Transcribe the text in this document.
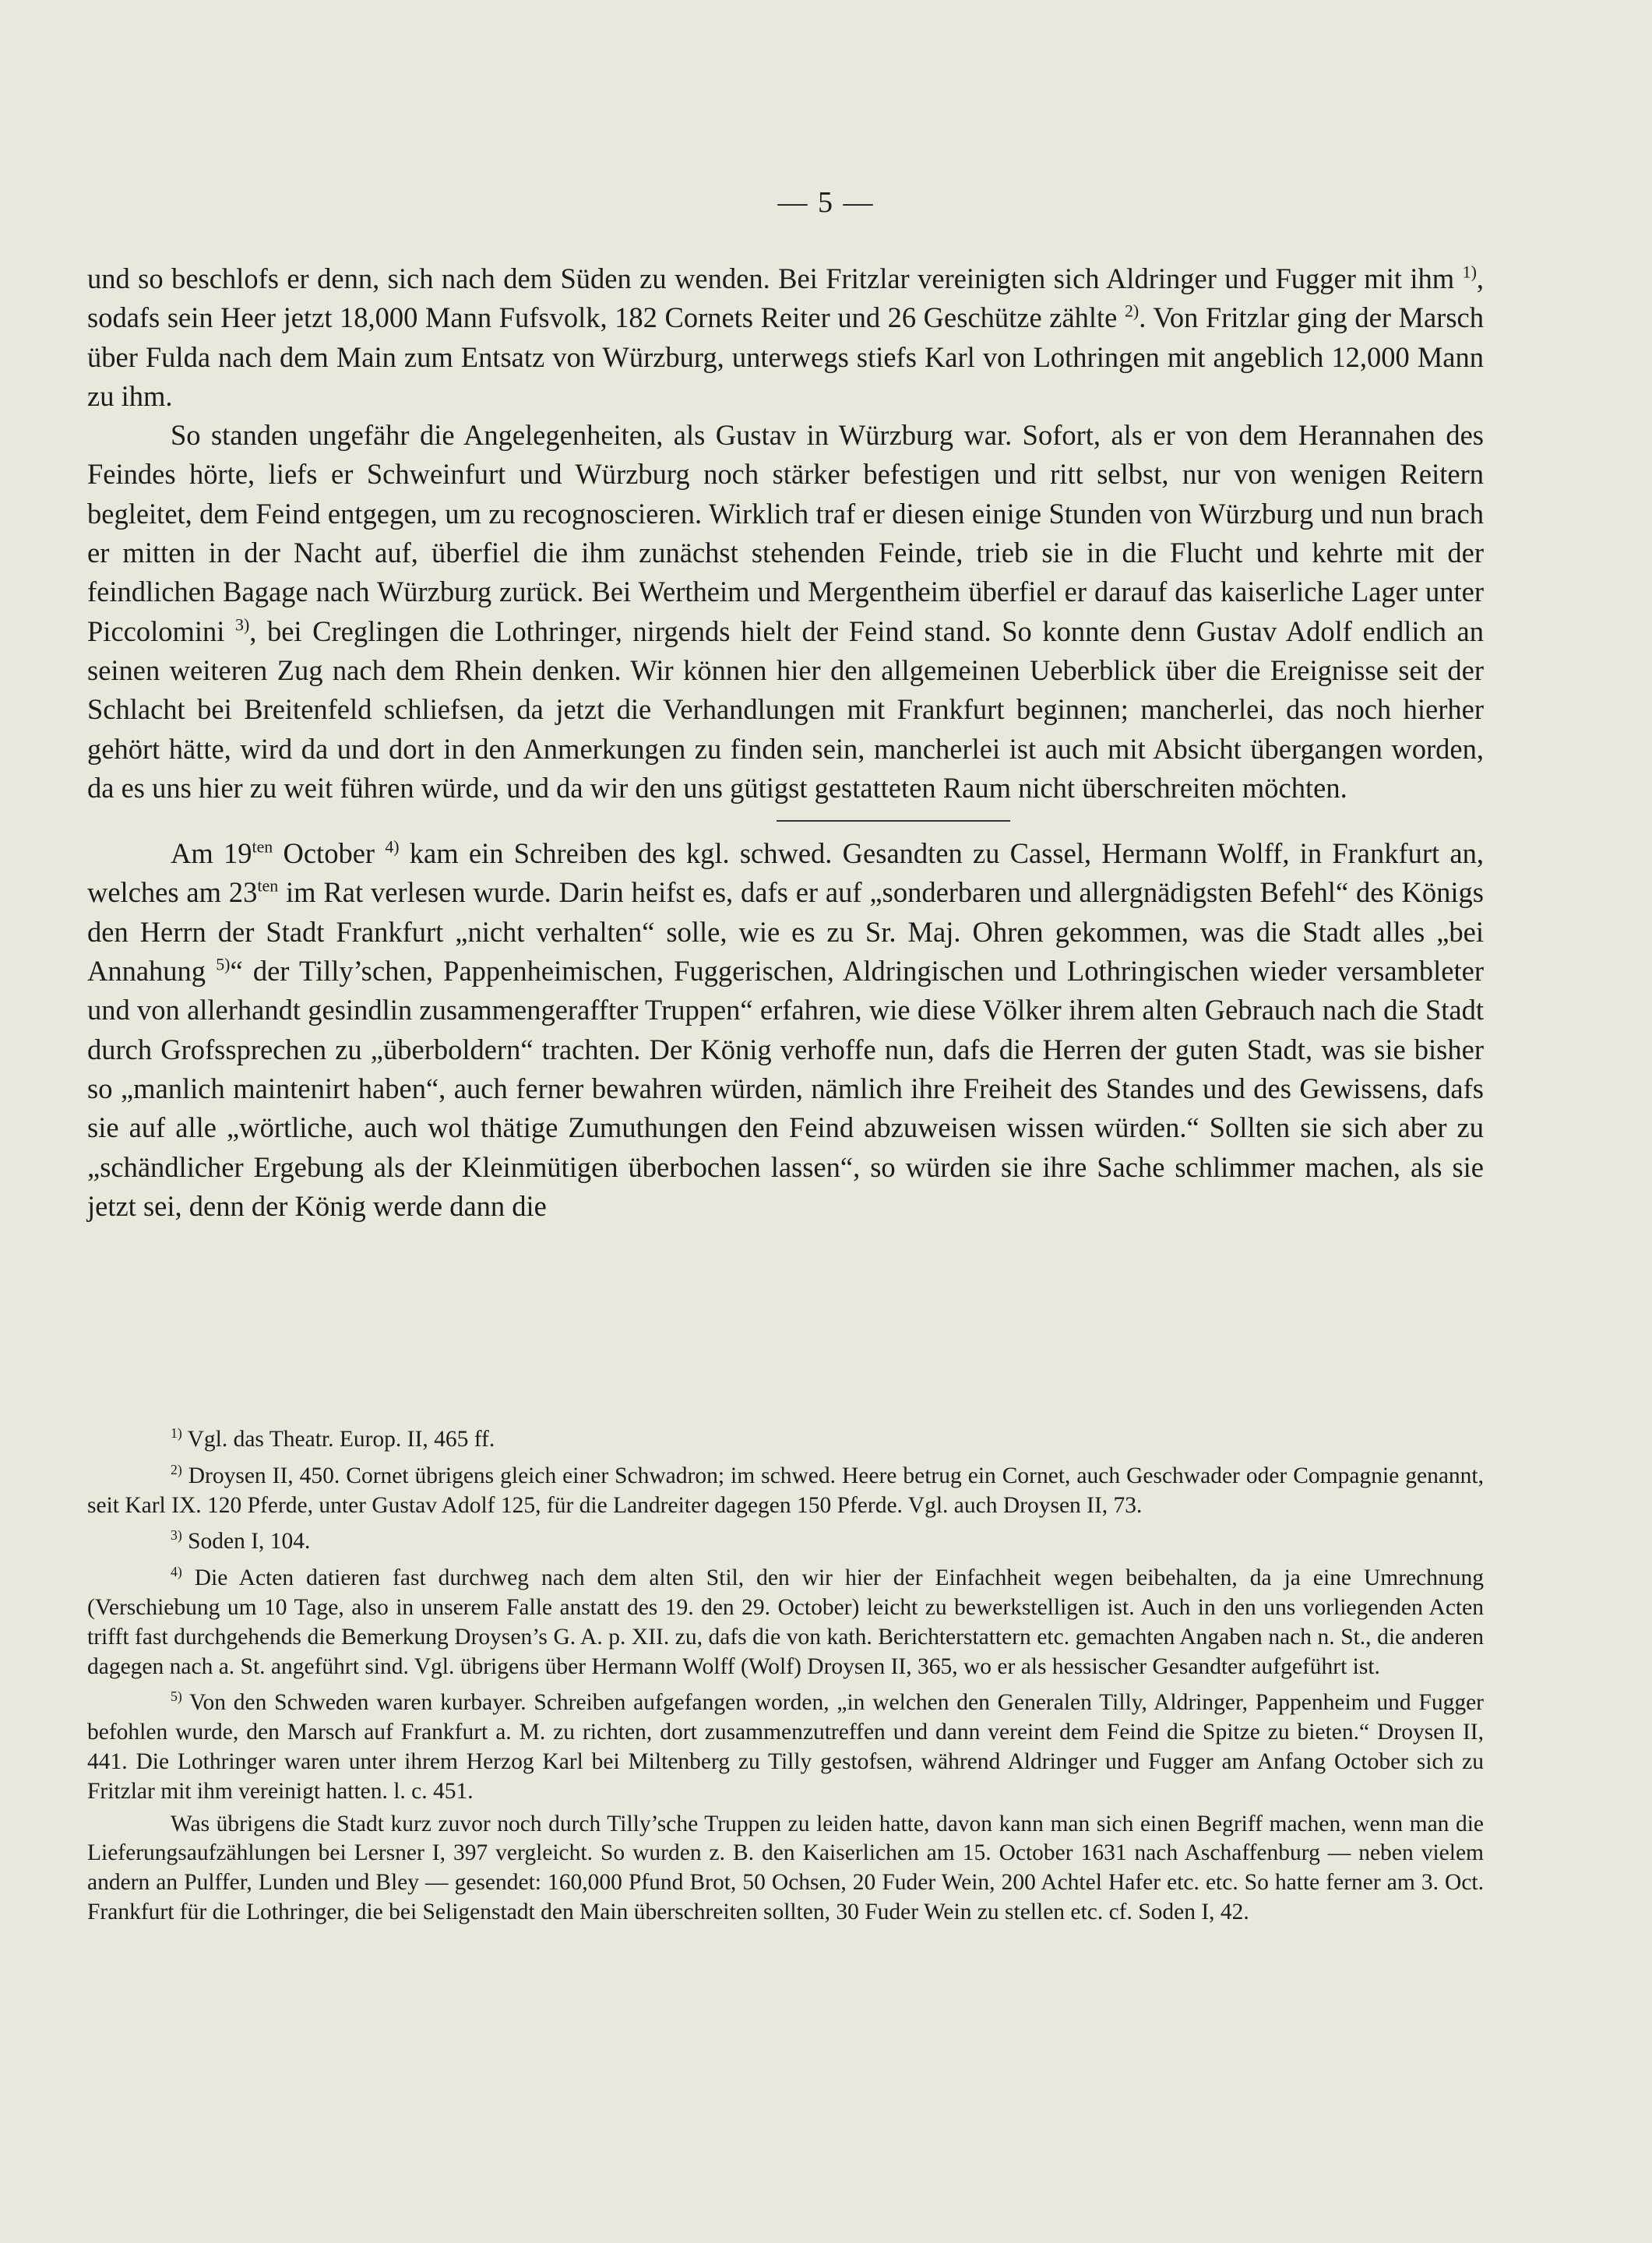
— 5 —

und so beschlofs er denn, sich nach dem Süden zu wenden. Bei Fritzlar vereinigten sich Aldringer und Fugger mit ihm $^{1)}$, sodafs sein Heer jetzt 18,000 Mann Fufsvolk, 182 Cornets Reiter und 26 Geschütze zählte $^{2)}$. Von Fritzlar ging der Marsch über Fulda nach dem Main zum Entsatz von Würzburg, unterwegs stiefs Karl von Lothringen mit angeblich 12,000 Mann zu ihm.

So standen ungefähr die Angelegenheiten, als Gustav in Würzburg war. Sofort, als er von dem Herannahen des Feindes hörte, liefs er Schweinfurt und Würzburg noch stärker befestigen und ritt selbst, nur von wenigen Reitern begleitet, dem Feind entgegen, um zu recognoscieren. Wirklich traf er diesen einige Stunden von Würzburg und nun brach er mitten in der Nacht auf, überfiel die ihm zunächst stehenden Feinde, trieb sie in die Flucht und kehrte mit der feindlichen Bagage nach Würzburg zurück. Bei Wertheim und Mergentheim überfiel er darauf das kaiserliche Lager unter Piccolomini $^{3)}$, bei Creglingen die Lothringer, nirgends hielt der Feind stand. So konnte denn Gustav Adolf endlich an seinen weiteren Zug nach dem Rhein denken. Wir können hier den allgemeinen Ueberblick über die Ereignisse seit der Schlacht bei Breitenfeld schliefsen, da jetzt die Verhandlungen mit Frankfurt beginnen; mancherlei, das noch hierher gehört hätte, wird da und dort in den Anmerkungen zu finden sein, mancherlei ist auch mit Absicht übergangen worden, da es uns hier zu weit führen würde, und da wir den uns gütigst gestatteten Raum nicht überschreiten möchten.

Am $19^{ten}$ October $^{4)}$ kam ein Schreiben des kgl. schwed. Gesandten zu Cassel, Hermann Wolff, in Frankfurt an, welches am $23^{ten}$ im Rat verlesen wurde. Darin heifst es, dafs er auf „sonderbaren und allergnädigsten Befehl“ des Königs den Herrn der Stadt Frankfurt „nicht verhalten“ solle, wie es zu Sr. Maj. Ohren gekommen, was die Stadt alles „bei Annahung $^{5)}$“ der Tilly’schen, Pappenheimischen, Fuggerischen, Aldringischen und Lothringischen wieder versambleter und von allerhandt gesindlin zusammengeraffter Truppen“ erfahren, wie diese Völker ihrem alten Gebrauch nach die Stadt durch Grofssprechen zu „überboldern“ trachten. Der König verhoffe nun, dafs die Herren der guten Stadt, was sie bisher so „manlich maintenirt haben“, auch ferner bewahren würden, nämlich ihre Freiheit des Standes und des Gewissens, dafs sie auf alle „wörtliche, auch wol thätige Zumuthungen den Feind abzuweisen wissen würden.“ Sollten sie sich aber zu „schändlicher Ergebung als der Kleinmütigen überbochen lassen“, so würden sie ihre Sache schlimmer machen, als sie jetzt sei, denn der König werde dann die

$^{1)}$ Vgl. das Theatr. Europ. II, 465 ff.

$^{2)}$ Droysen II, 450. Cornet übrigens gleich einer Schwadron; im schwed. Heere betrug ein Cornet, auch Geschwader oder Compagnie genannt, seit Karl IX. 120 Pferde, unter Gustav Adolf 125, für die Landreiter dagegen 150 Pferde. Vgl. auch Droysen II, 73.

$^{3)}$ Soden I, 104.

$^{4)}$ Die Acten datieren fast durchweg nach dem alten Stil, den wir hier der Einfachheit wegen beibehalten, da ja eine Umrechnung (Verschiebung um 10 Tage, also in unserem Falle anstatt des 19. den 29. October) leicht zu bewerkstelligen ist. Auch in den uns vorliegenden Acten trifft fast durchgehends die Bemerkung Droysen’s G. A. p. XII. zu, dafs die von kath. Berichterstattern etc. gemachten Angaben nach n. St., die anderen dagegen nach a. St. angeführt sind. Vgl. übrigens über Hermann Wolff (Wolf) Droysen II, 365, wo er als hessischer Gesandter aufgeführt ist.

$^{5)}$ Von den Schweden waren kurbayer. Schreiben aufgefangen worden, „in welchen den Generalen Tilly, Aldringer, Pappenheim und Fugger befohlen wurde, den Marsch auf Frankfurt a. M. zu richten, dort zusammenzutreffen und dann vereint dem Feind die Spitze zu bieten.“ Droysen II, 441. Die Lothringer waren unter ihrem Herzog Karl bei Miltenberg zu Tilly gestofsen, während Aldringer und Fugger am Anfang October sich zu Fritzlar mit ihm vereinigt hatten. l. c. 451.

Was übrigens die Stadt kurz zuvor noch durch Tilly’sche Truppen zu leiden hatte, davon kann man sich einen Begriff machen, wenn man die Lieferungsaufzählungen bei Lersner I, 397 vergleicht. So wurden z. B. den Kaiserlichen am 15. October 1631 nach Aschaffenburg — neben vielem andern an Pulffer, Lunden und Bley — gesendet: 160,000 Pfund Brot, 50 Ochsen, 20 Fuder Wein, 200 Achtel Hafer etc. etc. So hatte ferner am 3. Oct. Frankfurt für die Lothringer, die bei Seligenstadt den Main überschreiten sollten, 30 Fuder Wein zu stellen etc. cf. Soden I, 42.
